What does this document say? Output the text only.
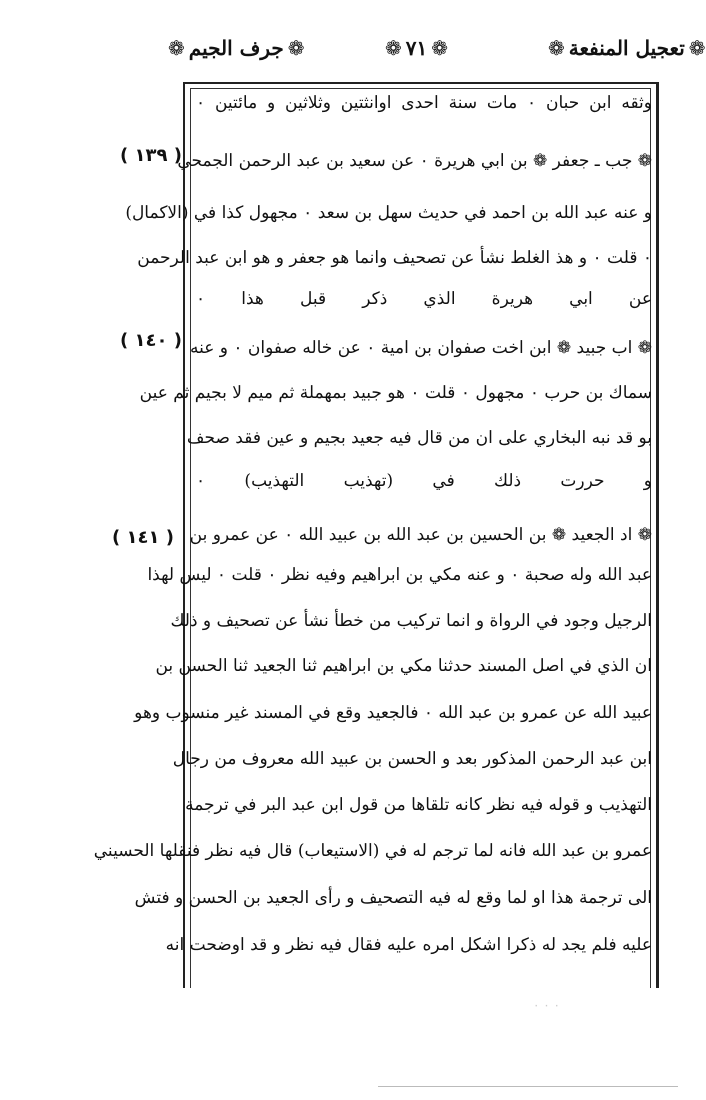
❁ جرف الجيم ❁	❁ ٧١ ❁	❁ تعجيل المنفعة ❁
( ١٣٩ )
( ١٤٠ )
( ١٤١ )
وثقه ابن حبان ٠ مات سنة احدى اوانثتين وثلاثين و مائتين ٠
❁ جب ـ جعفر ❁ بن ابي هريرة ٠ عن سعيد بن عبد الرحمن الجمحي
و عنه عبد الله بن احمد في حديث سهل بن سعد ٠ مجهول كذا في (الاكمال)
٠ قلت ٠ و هذ الغلط نشأ عن تصحيف وانما هو جعفر و هو ابن عبد الرحمن
عن ابي هريرة الذي ذكر قبل هذا ٠
❁ اب جبيد ❁ ابن اخت صفوان بن امية ٠ عن خاله صفوان ٠ و عنه
سماك بن حرب ٠ مجهول ٠ قلت ٠ هو جبيد بمهملة ثم ميم لا بجيم ثم عين
بو قد نبه البخاري على ان من قال فيه جعيد بجيم و عين فقد صحف
و حررت ذلك في (تهذيب التهذيب) ٠
❁ اد الجعيد ❁ بن الحسين بن عبد الله بن عبيد الله ٠ عن عمرو بن
عبد الله وله صحبة ٠ و عنه مكي بن ابراهيم وفيه نظر ٠ قلت ٠ ليس لهذا
الرجيل وجود في الرواة و انما تركيب من خطأ نشأ عن تصحيف و ذلك
ان الذي في اصل المسند حدثنا مكي بن ابراهيم ثنا الجعيد ثنا الحسن بن
عبيد الله عن عمرو بن عبد الله ٠ فالجعيد وقع في المسند غير منسوب وهو
ابن عبد الرحمن المذكور بعد و الحسن بن عبيد الله معروف من رجال
التهذيب و قوله فيه نظر كانه تلقاها من قول ابن عبد البر في ترجمة
عمرو بن عبد الله فانه لما ترجم له في (الاستيعاب) قال فيه نظر فنقلها الحسيني
الى ترجمة هذا او لما وقع له فيه التصحيف و رأى الجعيد بن الحسن و فتش
عليه فلم يجد له ذكرا اشكل امره عليه فقال فيه نظر و قد اوضحت انه
٠ ٠ ٠
